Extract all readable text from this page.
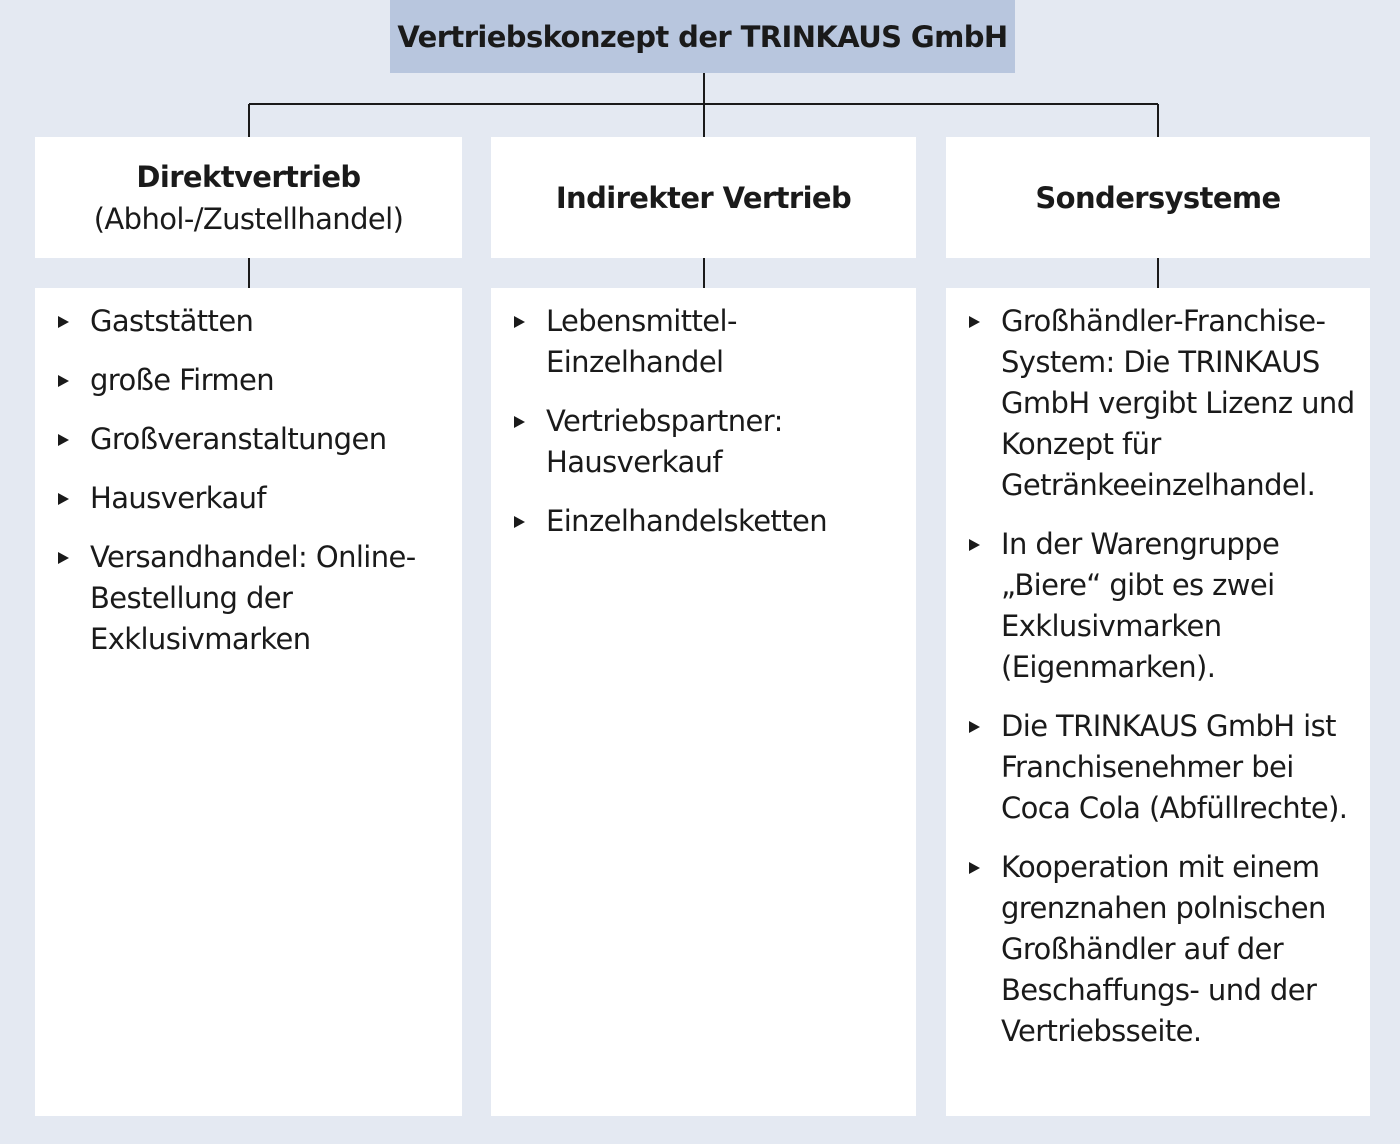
Vertriebskonzept der TRINKAUS GmbH
Direktvertrieb
(Abhol-/Zustellhandel)
Indirekter Vertrieb	Sondersysteme
Gaststätten
große Firmen
Großveranstaltungen
Hausverkauf
Versandhandel: Online-Bestellung der Exklusivmarken
Lebensmittel-Einzelhandel
Vertriebspartner: Hausverkauf
Einzelhandelsketten
Großhändler-Franchise-System: Die TRINKAUS GmbH vergibt Lizenz und Konzept für Getränkeeinzelhandel.
In der Warengruppe „Biere“ gibt es zwei Exklusivmarken (Eigenmarken).
Die TRINKAUS GmbH ist Franchisenehmer bei Coca Cola (Abfüllrechte).
Kooperation mit einem grenznahen polnischen Großhändler auf der Beschaffungs- und der Vertriebsseite.
